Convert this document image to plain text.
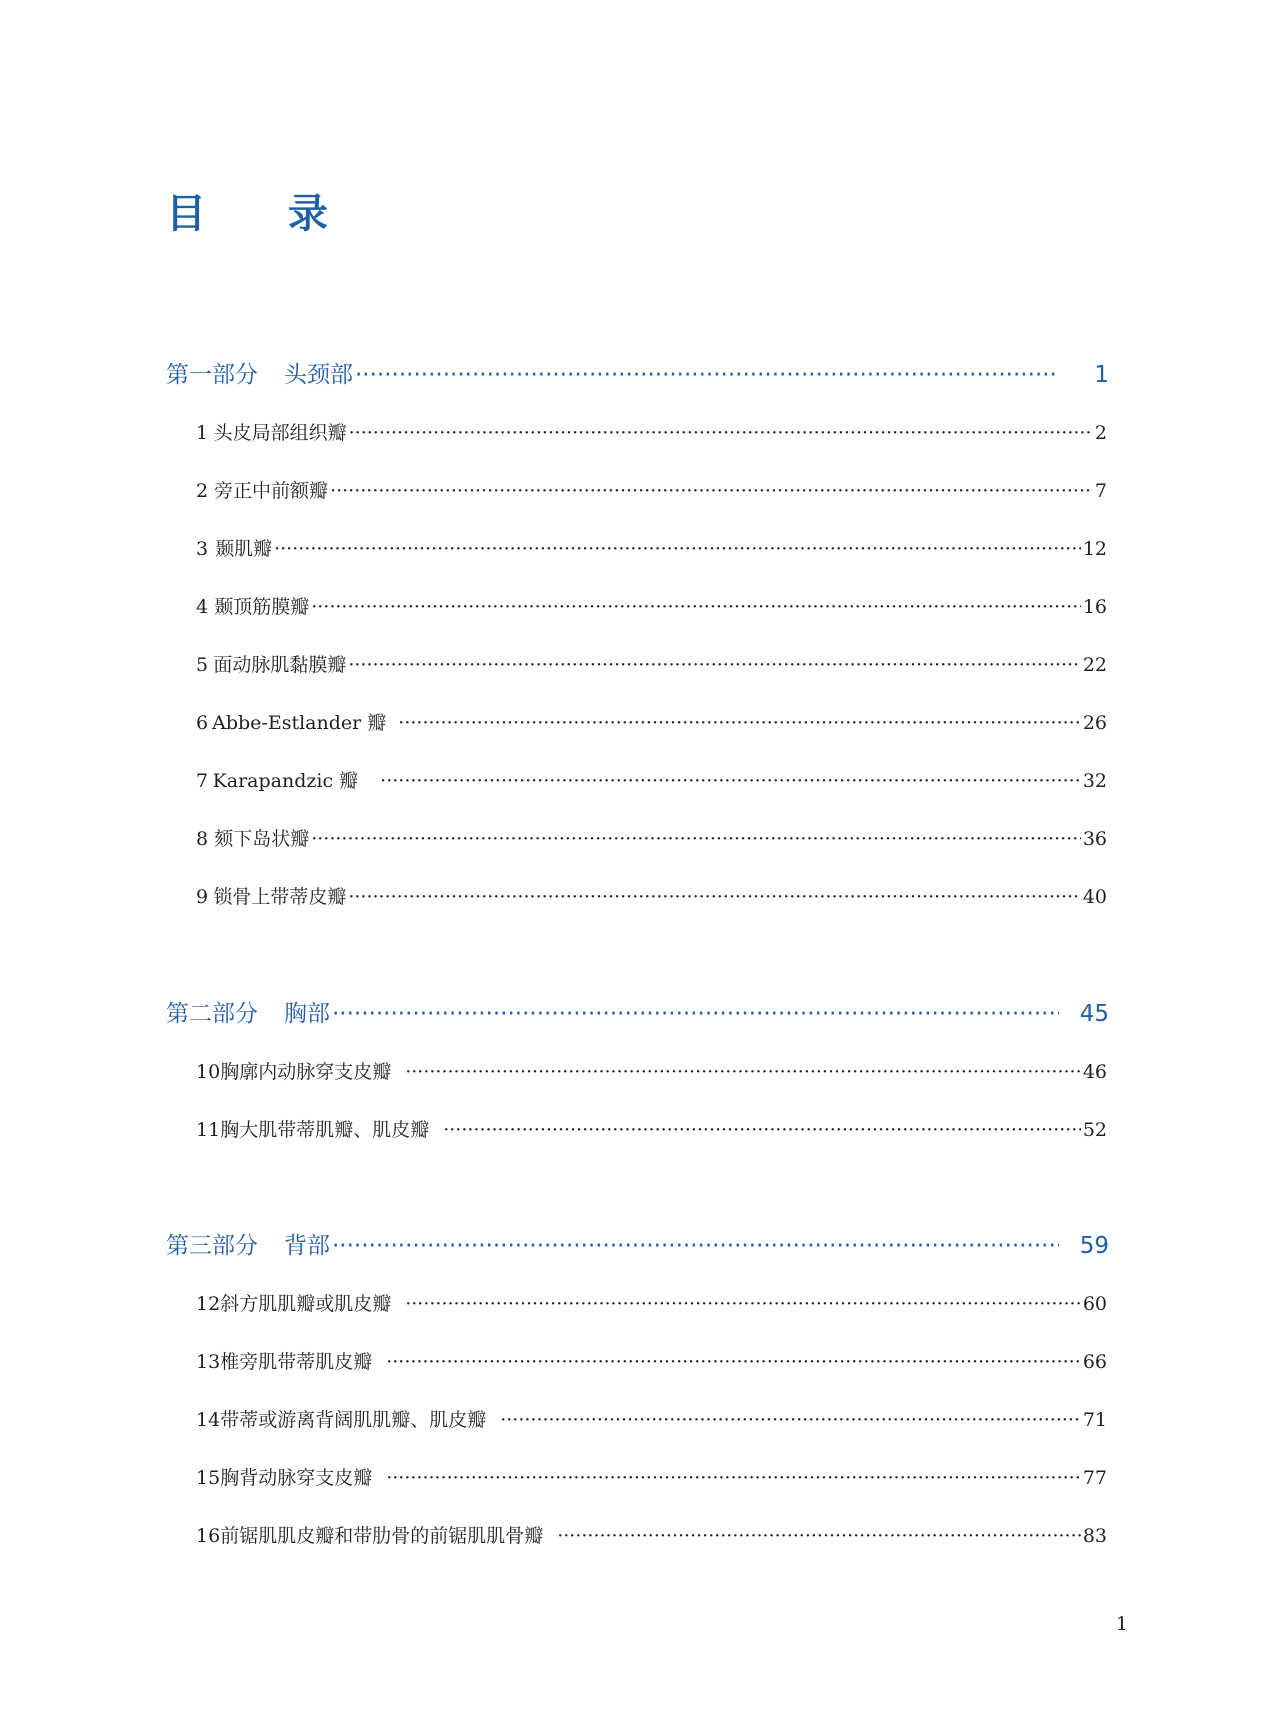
目 录
第一部分 头颈部 ·····	1
1 头皮局部组织瓣 ·····	2
2 旁正中前额瓣 ·····	7
3 颞肌瓣 ·····	12
4 颞顶筋膜瓣 ·····	16
5 面动脉肌黏膜瓣 ·····	22
6 Abbe-Estlander 瓣 ·····	26
7 Karapandzic 瓣 ·····	32
8 颏下岛状瓣 ·····	36
9 锁骨上带蒂皮瓣 ·····	40
第二部分 胸部 ·····	45
10 胸廓内动脉穿支皮瓣 ·····	46
11 胸大肌带蒂肌瓣、肌皮瓣 ·····	52
第三部分 背部 ·····	59
12 斜方肌肌瓣或肌皮瓣 ·····	60
13 椎旁肌带蒂肌皮瓣 ·····	66
14 带蒂或游离背阔肌肌瓣、肌皮瓣 ·····	71
15 胸背动脉穿支皮瓣 ·····	77
16 前锯肌肌皮瓣和带肋骨的前锯肌肌骨瓣 ·····	83
1
